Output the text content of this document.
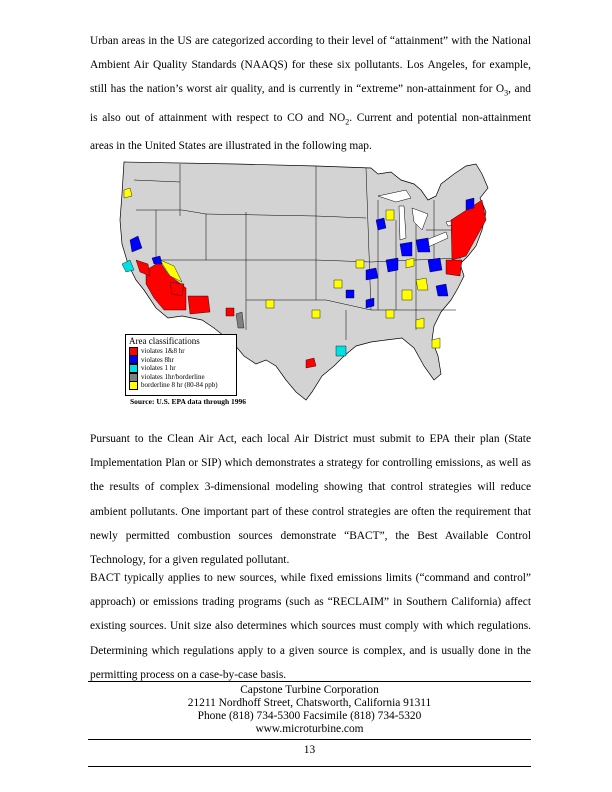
Urban areas in the US are categorized according to their level of “attainment” with the National Ambient Air Quality Standards (NAAQS) for these six pollutants. Los Angeles, for example, still has the nation’s worst air quality, and is currently in “extreme” non-attainment for $O_3$, and is also out of attainment with respect to CO and $NO_2$. Current and potential non-attainment areas in the United States are illustrated in the following map.

Area classifications
violates 1&8 hr
violates 8hr
violates 1 hr
violates 1hr/borderline
borderline 8 hr (80-84 ppb)
Source: U.S. EPA data through 1996

Pursuant to the Clean Air Act, each local Air District must submit to EPA their plan (State Implementation Plan or SIP) which demonstrates a strategy for controlling emissions, as well as the results of complex 3-dimensional modeling showing that control strategies will reduce ambient pollutants. One important part of these control strategies are often the requirement that newly permitted combustion sources demonstrate “BACT”, the Best Available Control Technology, for a given regulated pollutant.

BACT typically applies to new sources, while fixed emissions limits (“command and control” approach) or emissions trading programs (such as “RECLAIM” in Southern California) affect existing sources. Unit size also determines which sources must comply with which regulations. Determining which regulations apply to a given source is complex, and is usually done in the permitting process on a case-by-case basis.

Capstone Turbine Corporation
21211 Nordhoff Street, Chatsworth, California 91311
Phone (818) 734-5300 Facsimile (818) 734-5320
www.microturbine.com
13
